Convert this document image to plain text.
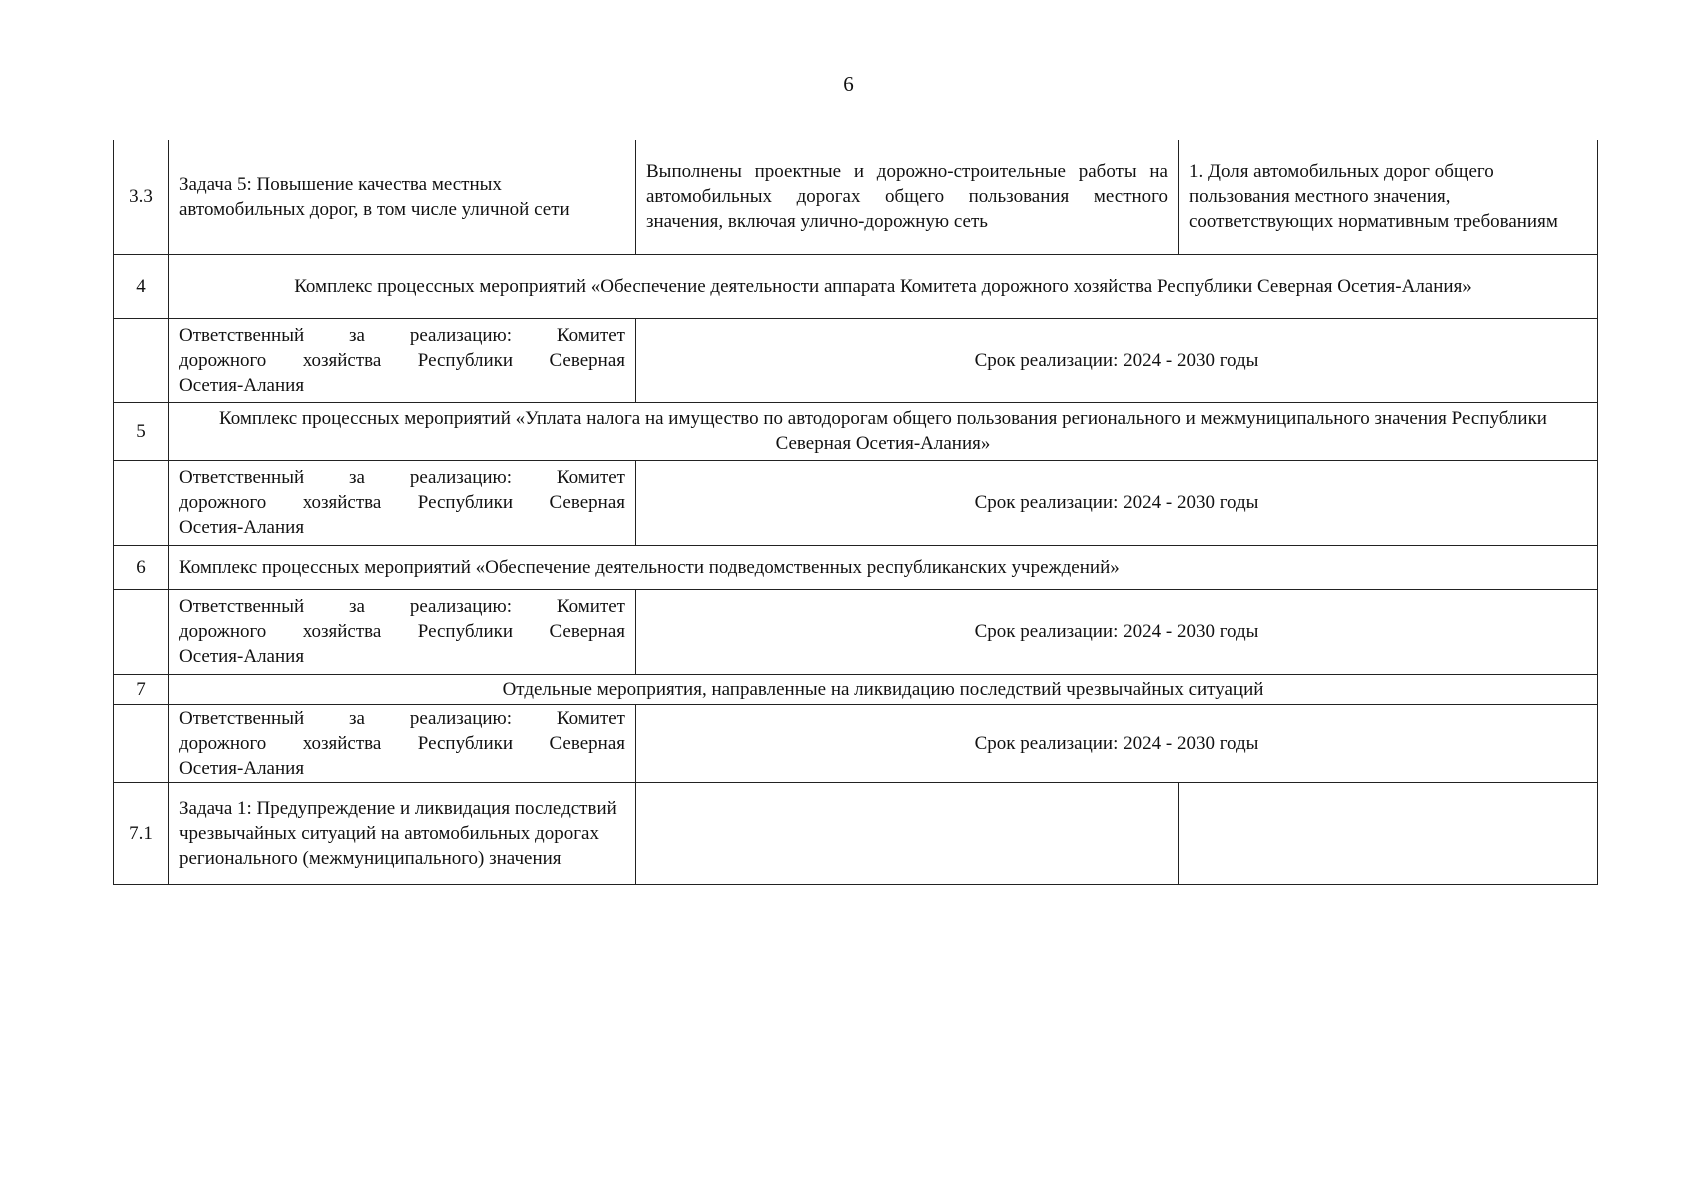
6
3.3	Задача 5: Повышение качества местных автомобильных дорог, в том числе уличной сети	Выполнены проектные и дорожно-строительные работы на автомобильных дорогах общего пользования местного значения, включая улично-дорожную сеть	1. Доля автомобильных дорог общего пользования местного значения, соответствующих нормативным требованиям
4	Комплекс процессных мероприятий «Обеспечение деятельности аппарата Комитета дорожного хозяйства Республики Северная Осетия-Алания»		

	Ответственный за реализацию: Комитет
дорожного хозяйства Республики Северная
Осетия-Алания	Срок реализации: 2024 - 2030 годы	
5	Комплекс процессных мероприятий «Уплата налога на имущество по автодорогам общего пользования регионального и межмуниципального значения Республики Северная Осетия-Алания»		

	Ответственный за реализацию: Комитет
дорожного хозяйства Республики Северная
Осетия-Алания	Срок реализации: 2024 - 2030 годы	
6	Комплекс процессных мероприятий «Обеспечение деятельности подведомственных республиканских учреждений»		

	Ответственный за реализацию: Комитет
дорожного хозяйства Республики Северная
Осетия-Алания	Срок реализации: 2024 - 2030 годы	
7	Отдельные мероприятия, направленные на ликвидацию последствий чрезвычайных ситуаций		

	Ответственный за реализацию: Комитет
дорожного хозяйства Республики Северная
Осетия-Алания	Срок реализации: 2024 - 2030 годы	
7.1	Задача 1: Предупреждение и ликвидация последствий чрезвычайных ситуаций на автомобильных дорогах регионального (межмуниципального) значения		
